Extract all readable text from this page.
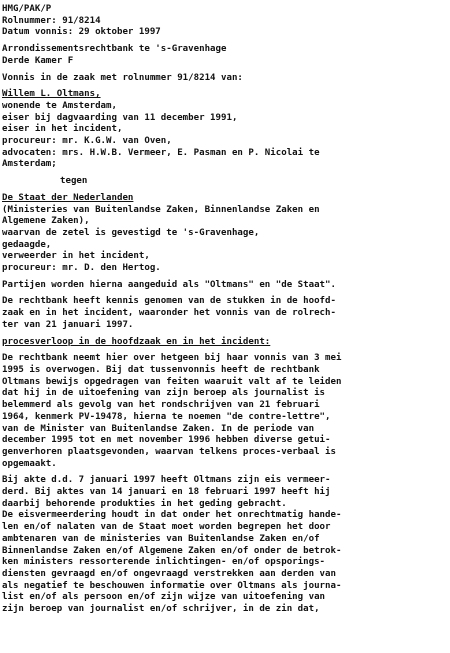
HMG/PAK/P
Rolnummer: 91/8214
Datum vonnis: 29 oktober 1997
Arrondissementsrechtbank te 's-Gravenhage
Derde Kamer F
Vonnis in de zaak met rolnummer 91/8214 van:
Willem L. Oltmans,
wonende te Amsterdam,
eiser bij dagvaarding van 11 december 1991,
eiser in het incident,
procureur: mr. K.G.W. van Oven,
advocaten: mrs. H.W.B. Vermeer, E. Pasman en P. Nicolai te
Amsterdam;
tegen
De Staat der Nederlanden
(Ministeries van Buitenlandse Zaken, Binnenlandse Zaken en
Algemene Zaken),
waarvan de zetel is gevestigd te 's-Gravenhage,
gedaagde,
verweerder in het incident,
procureur: mr. D. den Hertog.
Partijen worden hierna aangeduid als "Oltmans" en "de Staat".
De rechtbank heeft kennis genomen van de stukken in de hoofd-
zaak en in het incident, waaronder het vonnis van de rolrech-
ter van 21 januari 1997.
procesverloop in de hoofdzaak en in het incident:
De rechtbank neemt hier over hetgeen bij haar vonnis van 3 mei
1995 is overwogen. Bij dat tussenvonnis heeft de rechtbank
Oltmans bewijs opgedragen van feiten waaruit valt af te leiden
dat hij in de uitoefening van zijn beroep als journalist is
belemmerd als gevolg van het rondschrijven van 21 februari
1964, kenmerk PV-19478, hierna te noemen "de contre-lettre",
van de Minister van Buitenlandse Zaken. In de periode van
december 1995 tot en met november 1996 hebben diverse getui-
genverhoren plaatsgevonden, waarvan telkens proces-verbaal is
opgemaakt.
Bij akte d.d. 7 januari 1997 heeft Oltmans zijn eis vermeer-
derd. Bij aktes van 14 januari en 18 februari 1997 heeft hij
daarbij behorende produkties in het geding gebracht.
De eisvermeerdering houdt in dat onder het onrechtmatig hande-
len en/of nalaten van de Staat moet worden begrepen het door
ambtenaren van de ministeries van Buitenlandse Zaken en/of
Binnenlandse Zaken en/of Algemene Zaken en/of onder de betrok-
ken ministers ressorterende inlichtingen- en/of opsporings-
diensten gevraagd en/of ongevraagd verstrekken aan derden van
als negatief te beschouwen informatie over Oltmans als journa-
list en/of als persoon en/of zijn wijze van uitoefening van
zijn beroep van journalist en/of schrijver, in de zin dat,
